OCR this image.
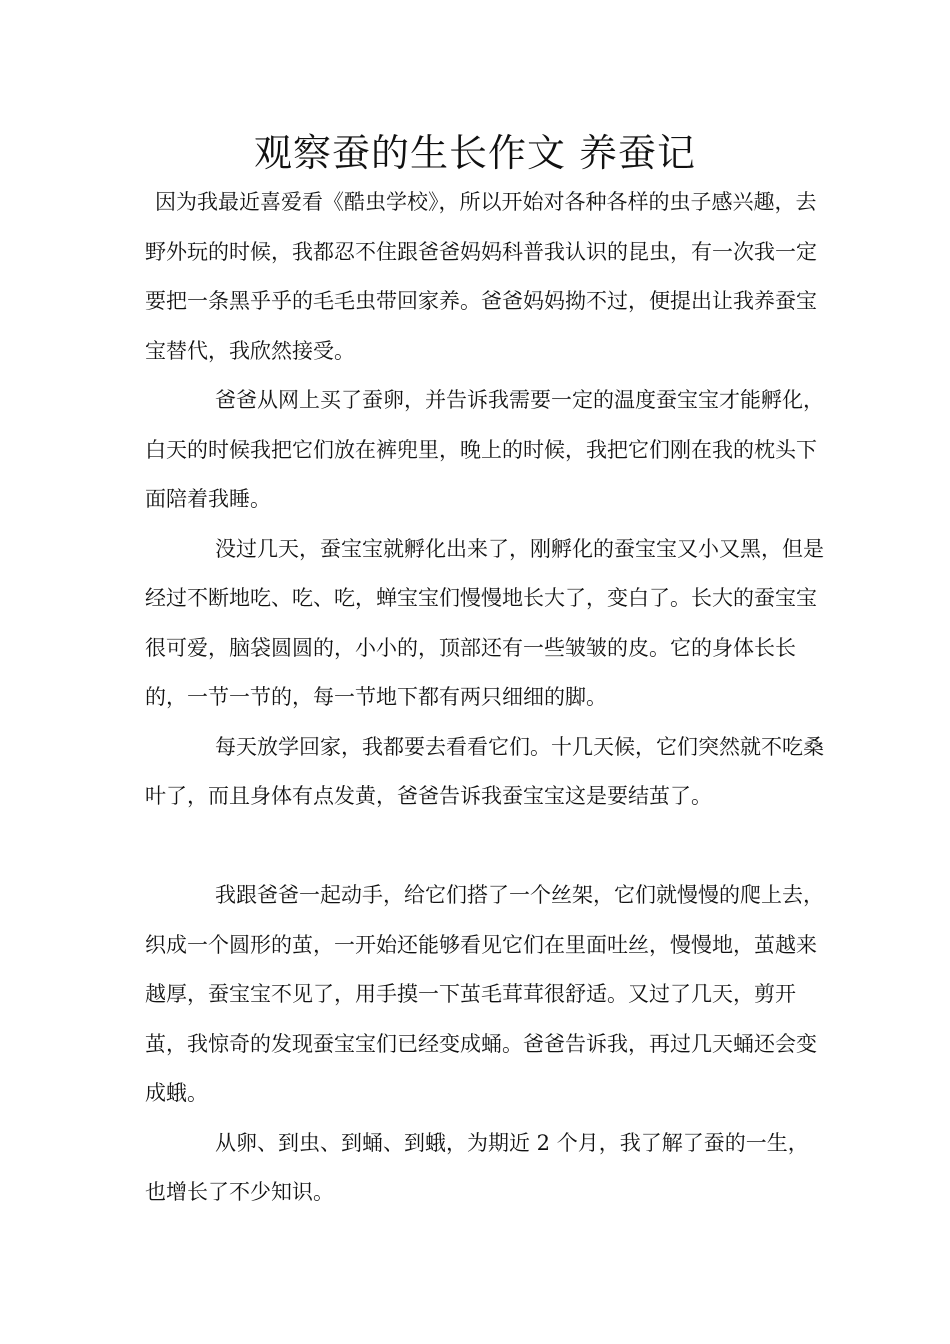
观察蚕的生长作文 养蚕记

因为我最近喜爱看《酷虫学校》，所以开始对各种各样的虫子感兴趣，去野外玩的时候，我都忍不住跟爸爸妈妈科普我认识的昆虫，有一次我一定要把一条黑乎乎的毛毛虫带回家养。爸爸妈妈拗不过，便提出让我养蚕宝宝替代，我欣然接受。

爸爸从网上买了蚕卵，并告诉我需要一定的温度蚕宝宝才能孵化，白天的时候我把它们放在裤兜里，晚上的时候，我把它们刚在我的枕头下面陪着我睡。

没过几天，蚕宝宝就孵化出来了，刚孵化的蚕宝宝又小又黑，但是经过不断地吃、吃、吃，蝉宝宝们慢慢地长大了，变白了。长大的蚕宝宝很可爱，脑袋圆圆的，小小的，顶部还有一些皱皱的皮。它的身体长长的，一节一节的，每一节地下都有两只细细的脚。

每天放学回家，我都要去看看它们。十几天候，它们突然就不吃桑叶了，而且身体有点发黄，爸爸告诉我蚕宝宝这是要结茧了。

我跟爸爸一起动手，给它们搭了一个丝架，它们就慢慢的爬上去，织成一个圆形的茧，一开始还能够看见它们在里面吐丝，慢慢地，茧越来越厚，蚕宝宝不见了，用手摸一下茧毛茸茸很舒适。又过了几天，剪开茧，我惊奇的发现蚕宝宝们已经变成蛹。爸爸告诉我，再过几天蛹还会变成蛾。

从卵、到虫、到蛹、到蛾，为期近 2 个月，我了解了蚕的一生，也增长了不少知识。
